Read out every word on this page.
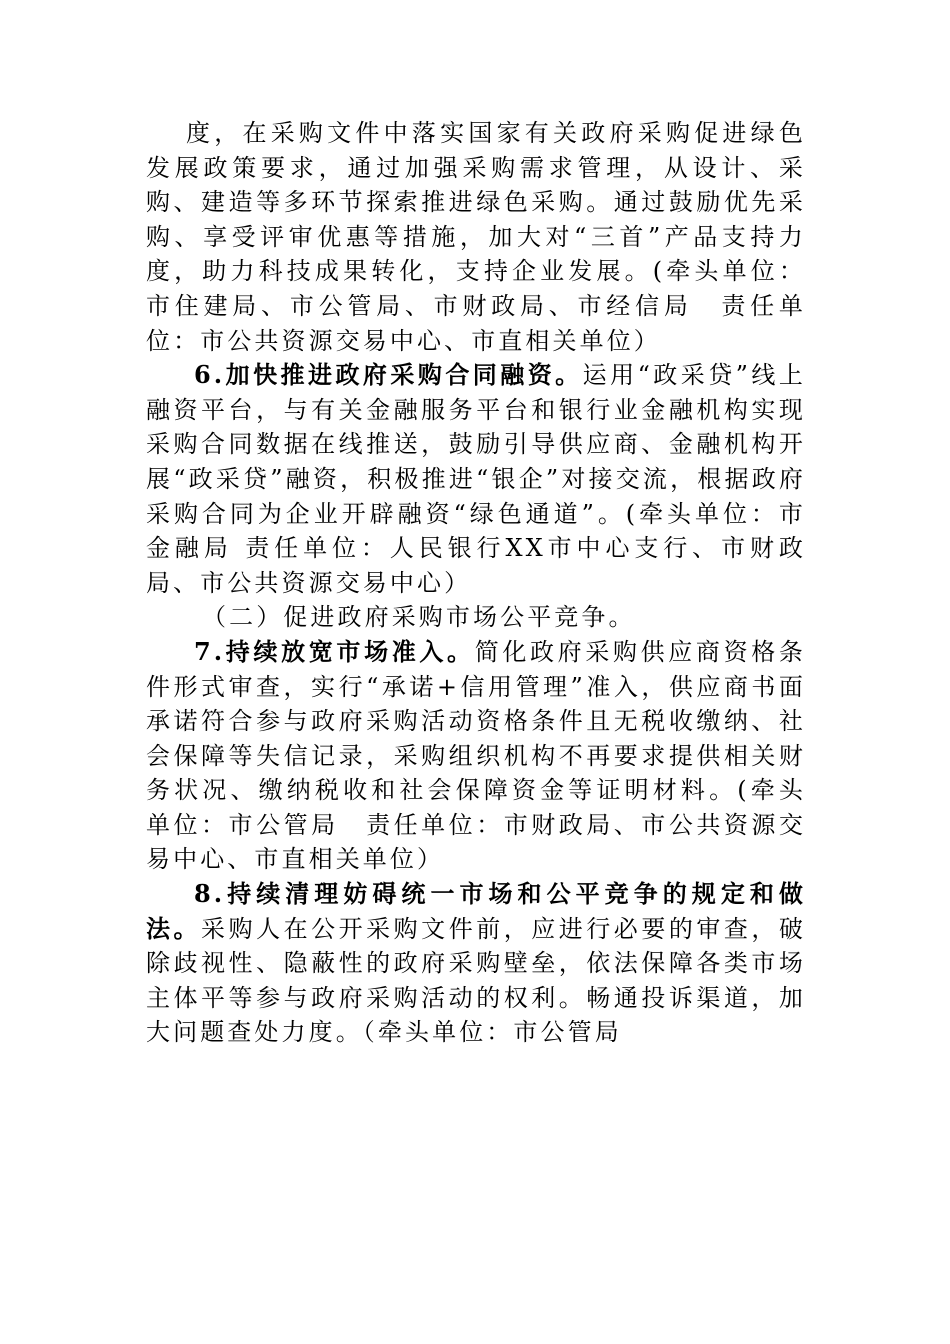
度，在采购文件中落实国家有关政府采购促进绿色发展政策要求，通过加强采购需求管理，从设计、采购、建造等多环节探索推进绿色采购。通过鼓励优先采购、享受评审优惠等措施，加大对“三首”产品支持力度，助力科技成果转化，支持企业发展。(牵头单位：市住建局、市公管局、市财政局、市经信局　责任单位：市公共资源交易中心、市直相关单位）

6.加快推进政府采购合同融资。运用“政采贷”线上融资平台，与有关金融服务平台和银行业金融机构实现采购合同数据在线推送，鼓励引导供应商、金融机构开展“政采贷”融资，积极推进“银企”对接交流，根据政府采购合同为企业开辟融资“绿色通道”。(牵头单位：市金融局 责任单位：人民银行XX市中心支行、市财政局、市公共资源交易中心）

（二）促进政府采购市场公平竞争。

7.持续放宽市场准入。简化政府采购供应商资格条件形式审查，实行“承诺+信用管理”准入，供应商书面承诺符合参与政府采购活动资格条件且无税收缴纳、社会保障等失信记录，采购组织机构不再要求提供相关财务状况、缴纳税收和社会保障资金等证明材料。(牵头单位：市公管局　责任单位：市财政局、市公共资源交易中心、市直相关单位）

8.持续清理妨碍统一市场和公平竞争的规定和做法。采购人在公开采购文件前，应进行必要的审查，破除歧视性、隐蔽性的政府采购壁垒，依法保障各类市场主体平等参与政府采购活动的权利。畅通投诉渠道，加大问题查处力度。（牵头单位：市公管局
